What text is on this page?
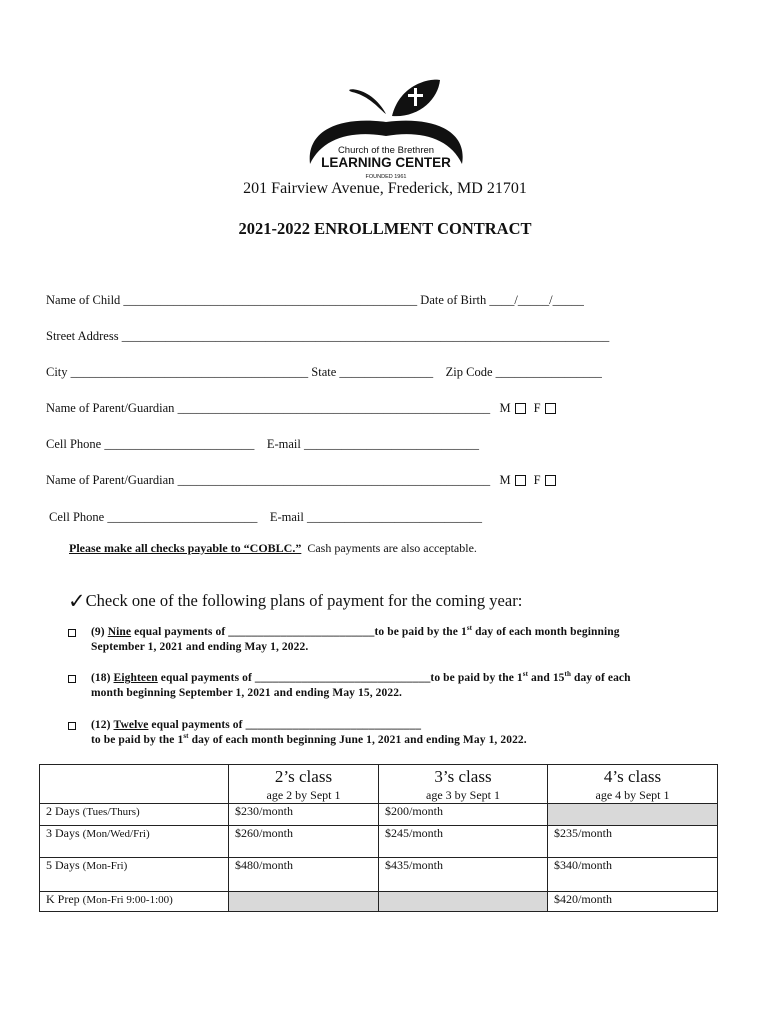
Church of the Brethren
LEARNING CENTER
FOUNDED 1961
201 Fairview Avenue, Frederick, MD 21701
2021-2022 ENROLLMENT CONTRACT
Name of Child _______________________________________________ Date of Birth ____/_____/_____
Street Address ______________________________________________________________________________
City ______________________________________ State _______________ Zip Code _________________
Name of Parent/Guardian __________________________________________________ M F
Cell Phone ________________________ E-mail ____________________________
Name of Parent/Guardian __________________________________________________ M F
Cell Phone ________________________ E-mail ____________________________
Please make all checks payable to “COBLC.” Cash payments are also acceptable.
✓Check one of the following plans of payment for the coming year:
(9) Nine equal payments of _________________________to be paid by the 1st day of each month beginning
September 1, 2021 and ending May 1, 2022.
(18) Eighteen equal payments of ______________________________to be paid by the 1st and 15th day of each
month beginning September 1, 2021 and ending May 15, 2022.
(12) Twelve equal payments of ______________________________
to be paid by the 1st day of each month beginning June 1, 2021 and ending May 1, 2022.

	2’s class
age 2 by Sept 1	3’s class
age 3 by Sept 1	4’s class
age 4 by Sept 1

2 Days (Tues/Thurs)	$230/month	$200/month	
3 Days (Mon/Wed/Fri)	$260/month	$245/month	$235/month
5 Days (Mon-Fri)	$480/month	$435/month	$340/month
K Prep (Mon-Fri 9:00-1:00)			$420/month
